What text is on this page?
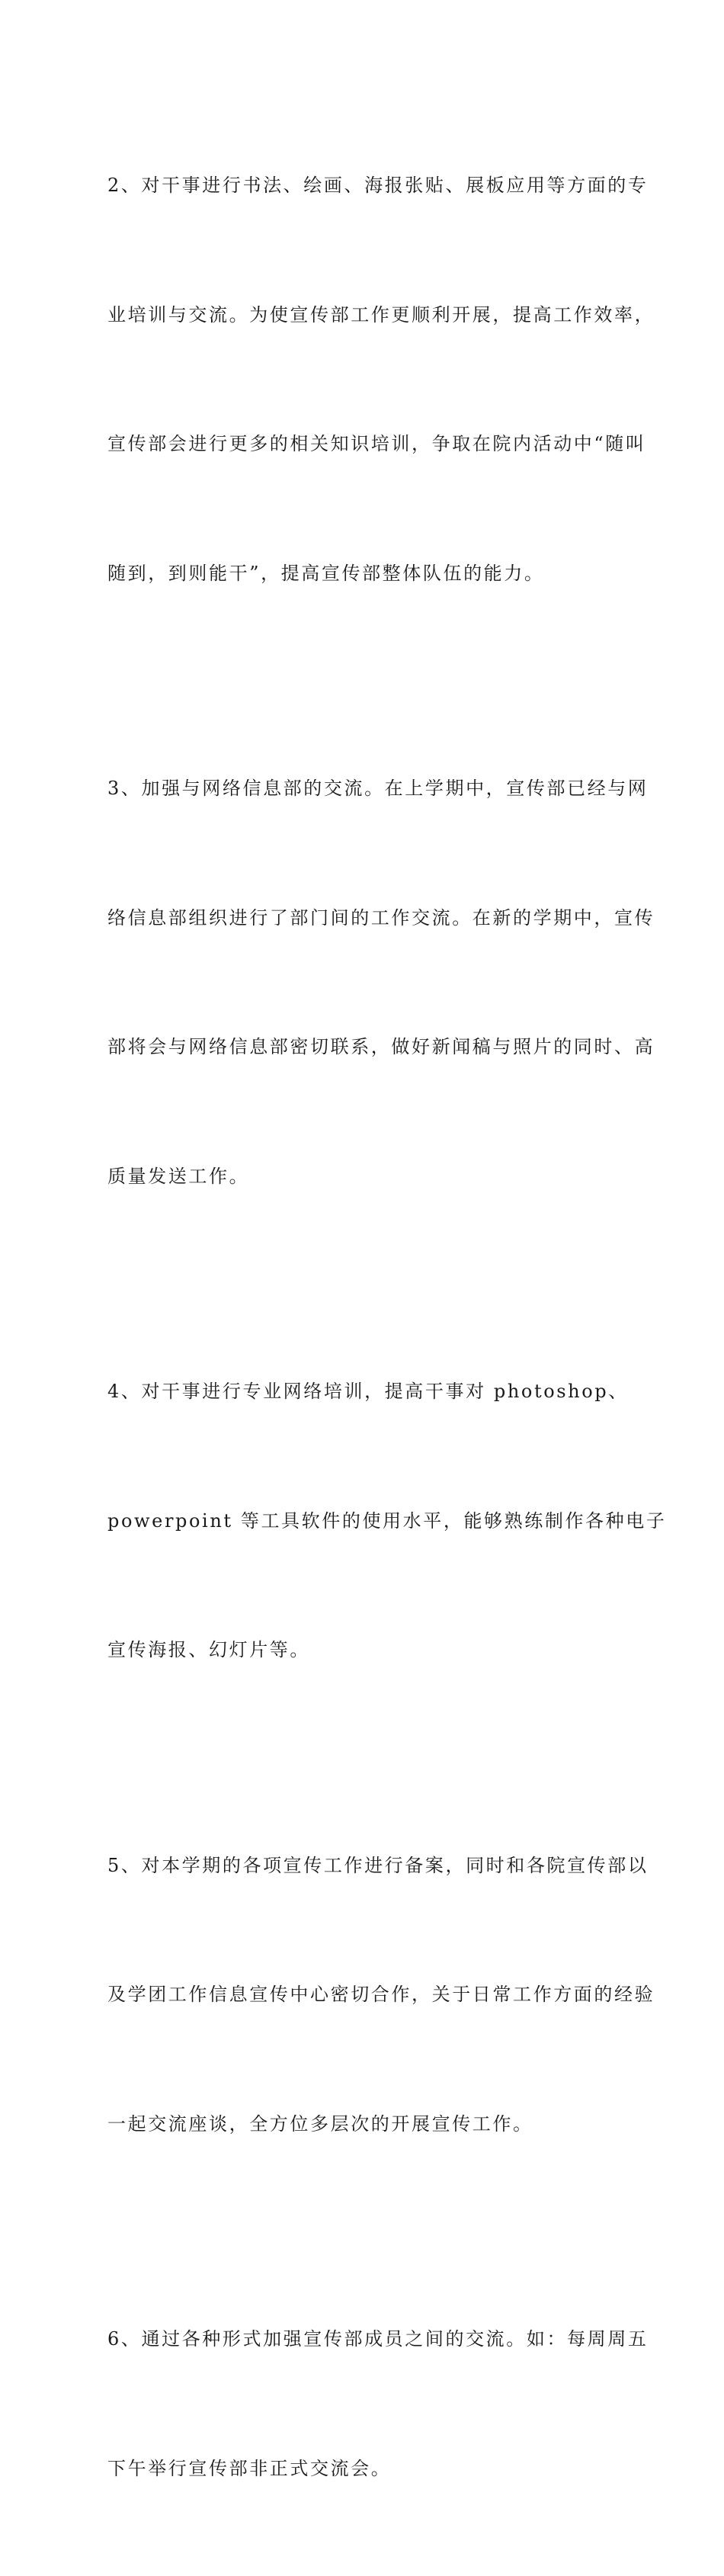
2、对干事进行书法、绘画、海报张贴、展板应用等方面的专

业培训与交流。为使宣传部工作更顺利开展，提高工作效率，

宣传部会进行更多的相关知识培训，争取在院内活动中“随叫

随到，到则能干”，提高宣传部整体队伍的能力。

3、加强与网络信息部的交流。在上学期中，宣传部已经与网

络信息部组织进行了部门间的工作交流。在新的学期中，宣传

部将会与网络信息部密切联系，做好新闻稿与照片的同时、高

质量发送工作。

4、对干事进行专业网络培训，提高干事对 photoshop、

powerpoint 等工具软件的使用水平，能够熟练制作各种电子

宣传海报、幻灯片等。

5、对本学期的各项宣传工作进行备案，同时和各院宣传部以

及学团工作信息宣传中心密切合作，关于日常工作方面的经验

一起交流座谈，全方位多层次的开展宣传工作。

6、通过各种形式加强宣传部成员之间的交流。如：每周周五

下午举行宣传部非正式交流会。
